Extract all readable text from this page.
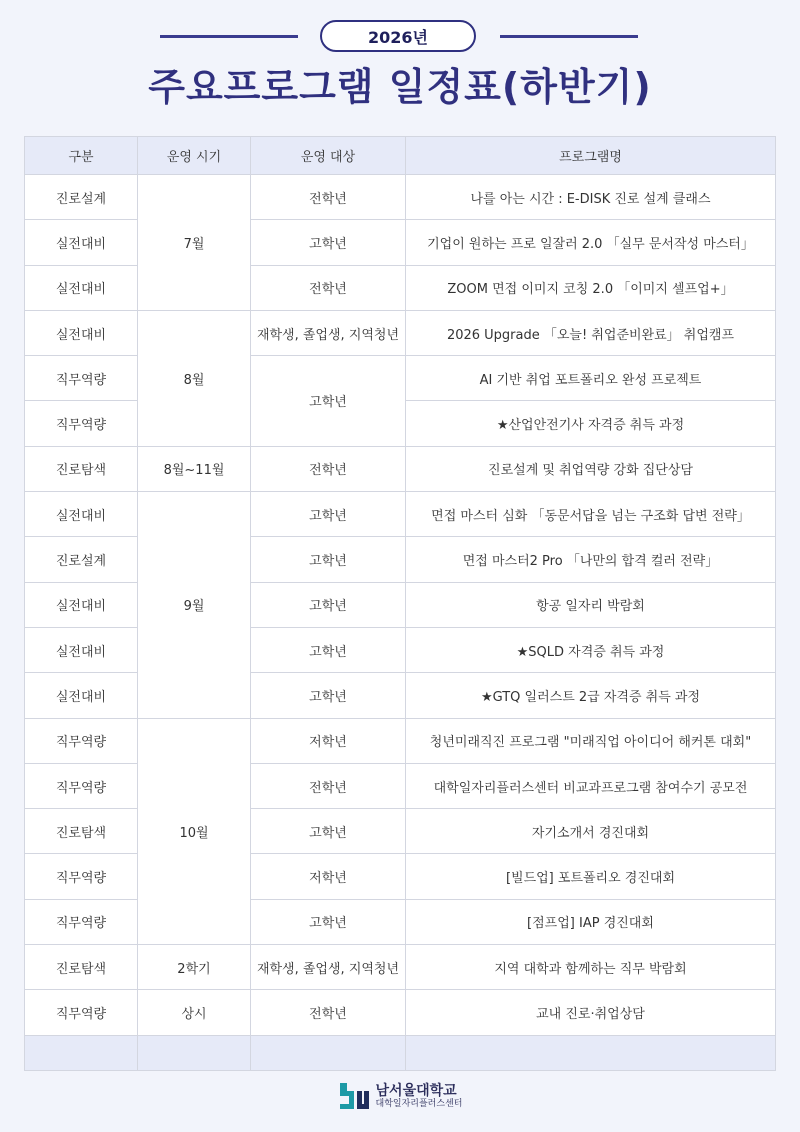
2026년
주요프로그램 일정표(하반기)
구분	운영 시기	운영 대상	프로그램명
진로설계	7월	전학년	나를 아는 시간 : E-DISK 진로 설계 클래스
실전대비		고학년	기업이 원하는 프로 일잘러 2.0 「실무 문서작성 마스터」
실전대비		전학년	ZOOM 면접 이미지 코칭 2.0 「이미지 셀프업+」
실전대비	8월	재학생, 졸업생, 지역청년	2026 Upgrade 「오늘! 취업준비완료」 취업캠프
직무역량		고학년	AI 기반 취업 포트폴리오 완성 프로젝트
직무역량			★산업안전기사 자격증 취득 과정
진로탐색	8월~11월	전학년	진로설계 및 취업역량 강화 집단상담
실전대비	9월	고학년	면접 마스터 심화 「동문서답을 넘는 구조화 답변 전략」
진로설계		고학년	면접 마스터2 Pro 「나만의 합격 컬러 전략」
실전대비		고학년	항공 일자리 박람회
실전대비		고학년	★SQLD 자격증 취득 과정
실전대비		고학년	★GTQ 일러스트 2급 자격증 취득 과정
직무역량	10월	저학년	청년미래직진 프로그램 "미래직업 아이디어 해커톤 대회"
직무역량		전학년	대학일자리플러스센터 비교과프로그램 참여수기 공모전
진로탐색		고학년	자기소개서 경진대회
직무역량		저학년	[빌드업] 포트폴리오 경진대회
직무역량		고학년	[점프업] IAP 경진대회
진로탐색	2학기	재학생, 졸업생, 지역청년	지역 대학과 함께하는 직무 박람회
직무역량	상시	전학년	교내 진로·취업상담

남서울대학교
대학일자리플러스센터
